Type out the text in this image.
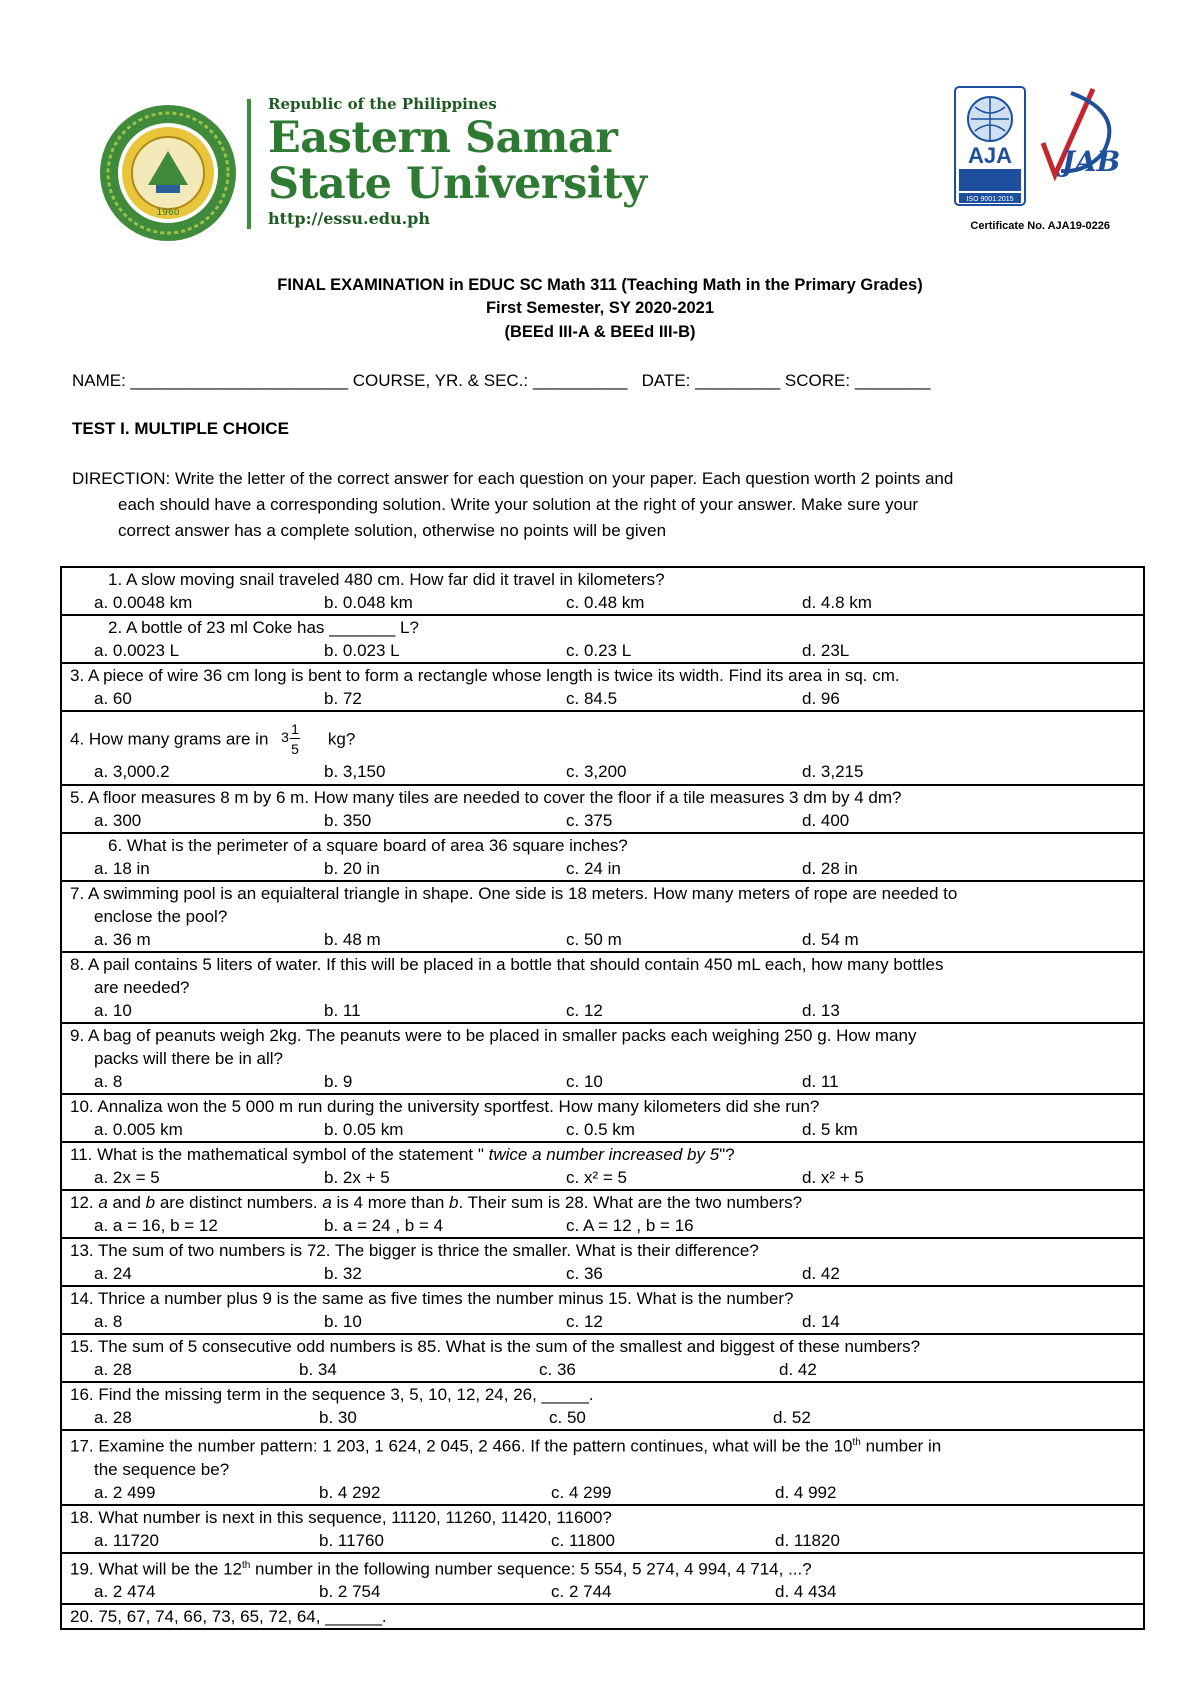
1960
Republic of the Philippines
Eastern Samar
State University
http://essu.edu.ph
AJA
ISO 9001:2015
JAB
Certificate No. AJA19-0226
FINAL EXAMINATION in EDUC SC Math 311 (Teaching Math in the Primary Grades)
First Semester, SY 2020-2021
(BEEd III-A & BEEd III-B)
NAME: _______________________ COURSE, YR. & SEC.: __________   DATE: _________ SCORE: ________
TEST I. MULTIPLE CHOICE
DIRECTION: Write the letter of the correct answer for each question on your paper. Each question worth 2 points and
each should have a corresponding solution. Write your solution at the right of your answer. Make sure your
correct answer has a complete solution, otherwise no points will be given
1. A slow moving snail traveled 480 cm. How far did it travel in kilometers?
a. 0.0048 km	b. 0.048 km	c. 0.48 km	d. 4.8 km

2. A bottle of 23 ml Coke has _______ L?
a. 0.0023 L	b. 0.023 L	c. 0.23 L	d. 23L

3. A piece of wire 36 cm long is bent to form a rectangle whose length is twice its width. Find its area in sq. cm.
a. 60	b. 72	c. 84.5	d. 96

4. How many grams are in 3 1
5
kg?
a. 3,000.2	b. 3,150	c. 3,200	d. 3,215

5. A floor measures 8 m by 6 m. How many tiles are needed to cover the floor if a tile measures 3 dm by 4 dm?
a. 300	b. 350	c. 375	d. 400

6. What is the perimeter of a square board of area 36 square inches?
a. 18 in	b. 20 in	c. 24 in	d. 28 in

7. A swimming pool is an equialteral triangle in shape. One side is 18 meters. How many meters of rope are needed to
enclose the pool?
a. 36 m	b. 48 m	c. 50 m	d. 54 m

8. A pail contains 5 liters of water. If this will be placed in a bottle that should contain 450 mL each, how many bottles
are needed?
a. 10	b. 11	c. 12	d. 13

9. A bag of peanuts weigh 2kg. The peanuts were to be placed in smaller packs each weighing 250 g. How many
packs will there be in all?
a. 8	b. 9	c. 10	d. 11

10. Annaliza won the 5 000 m run during the university sportfest. How many kilometers did she run?
a. 0.005 km	b. 0.05 km	c. 0.5 km	d. 5 km

11. What is the mathematical symbol of the statement " twice a number increased by 5"?
a. 2x = 5	b. 2x + 5	c. x² = 5	d. x² + 5

12. a and b are distinct numbers. a is 4 more than b. Their sum is 28. What are the two numbers?
a. a = 16, b = 12	b. a = 24 , b = 4	c. A = 12 , b = 16

13. The sum of two numbers is 72. The bigger is thrice the smaller. What is their difference?
a. 24	b. 32	c. 36	d. 42

14. Thrice a number plus 9 is the same as five times the number minus 15. What is the number?
a. 8	b. 10	c. 12	d. 14

15. The sum of 5 consecutive odd numbers is 85. What is the sum of the smallest and biggest of these numbers?
a. 28	b. 34	c. 36	d. 42

16. Find the missing term in the sequence 3, 5, 10, 12, 24, 26, _____.
a. 28	b. 30	c. 50	d. 52

17. Examine the number pattern: 1 203, 1 624, 2 045, 2 466. If the pattern continues, what will be the 10th number in
the sequence be?
a. 2 499	b. 4 292	c. 4 299	d. 4 992

18. What number is next in this sequence, 11120, 11260, 11420, 11600?
a. 11720	b. 11760	c. 11800	d. 11820

19. What will be the 12th number in the following number sequence: 5 554, 5 274, 4 994, 4 714, ...?
a. 2 474	b. 2 754	c. 2 744	d. 4 434

20. 75, 67, 74, 66, 73, 65, 72, 64, ______.
